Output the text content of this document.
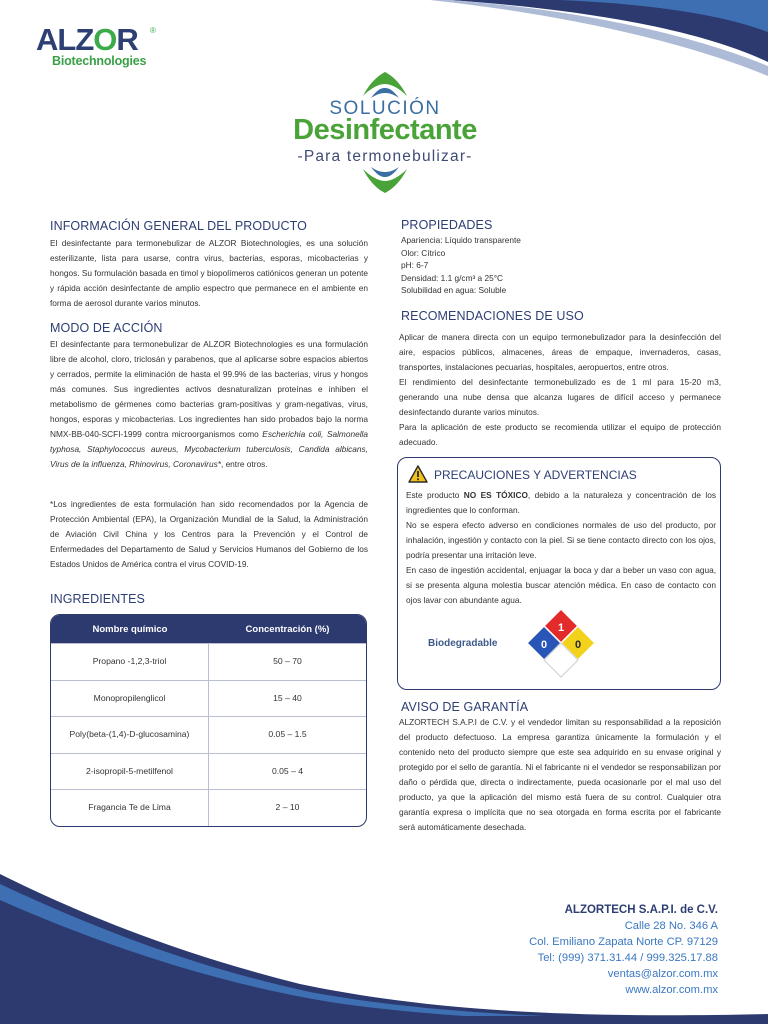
ALZOR ®
Biotechnologies
SOLUCIÓN
Desinfectante
-Para termonebulizar-
INFORMACIÓN GENERAL DEL PRODUCTO
El desinfectante para termonebulizar de ALZOR Biotechnologies, es una solución esterilizante, lista para usarse, contra virus, bacterias, esporas, micobacterias y hongos. Su formulación basada en timol y biopolímeros catiónicos generan un potente y rápida acción desinfectante de amplio espectro que permanece en el ambiente en forma de aerosol durante varios minutos.
MODO DE ACCIÓN
El desinfectante para termonebulizar de ALZOR Biotechnologies es una formulación libre de alcohol, cloro, triclosán y parabenos, que al aplicarse sobre espacios abiertos y cerrados, permite la eliminación de hasta el 99.9% de las bacterias, virus y hongos más comunes. Sus ingredientes activos desnaturalizan proteínas e inhiben el metabolismo de gérmenes como bacterias gram-positivas y gram-negativas, virus, hongos, esporas y micobacterias. Los ingredientes han sido probados bajo la norma NMX-BB-040-SCFI-1999 contra microorganismos como Escherichia coli, Salmonella typhosa, Staphylococcus aureus, Mycobacterium tuberculosis, Candida albicans, Virus de la influenza, Rhinovirus, Coronavirus*, entre otros.
*Los ingredientes de esta formulación han sido recomendados por la Agencia de Protección Ambiental (EPA), la Organización Mundial de la Salud, la Administración de Aviación Civil China y los Centros para la Prevención y el Control de Enfermedades del Departamento de Salud y Servicios Humanos del Gobierno de los Estados Unidos de América contra el virus COVID-19.
INGREDIENTES
Nombre químico	Concentración (%)
Propano -1,2,3-triol	50 – 70
Monopropilenglicol	15 – 40
Poly(beta-(1,4)-D-glucosamina)	0.05 – 1.5
2-isopropil-5-metilfenol	0.05 – 4
Fragancia Te de Lima	2 – 10
PROPIEDADES
Apariencia: Líquido transparente
Olor: Cítrico
pH: 6-7
Densidad: 1.1 g/cm³ a 25°C
Solubilidad en agua: Soluble
RECOMENDACIONES DE USO
Aplicar de manera directa con un equipo termonebulizador para la desinfección del aire, espacios públicos, almacenes, áreas de empaque, invernaderos, casas, transportes, instalaciones pecuarias, hospitales, aeropuertos, entre otros.
El rendimiento del desinfectante termonebulizado es de 1 ml para 15-20 m3, generando una nube densa que alcanza lugares de difícil acceso y permanece desinfectando durante varios minutos.
Para la aplicación de este producto se recomienda utilizar el equipo de protección adecuado.
PRECAUCIONES Y ADVERTENCIAS
Este producto NO ES TÓXICO, debido a la naturaleza y concentración de los ingredientes que lo conforman.
No se espera efecto adverso en condiciones normales de uso del producto, por inhalación, ingestión y contacto con la piel. Si se tiene contacto directo con los ojos, podría presentar una irritación leve.
En caso de ingestión accidental, enjuagar la boca y dar a beber un vaso con agua, si se presenta alguna molestia buscar atención médica. En caso de contacto con ojos lavar con abundante agua.
Biodegradable
1
0	0
AVISO DE GARANTÍA
ALZORTECH S.A.P.I de C.V. y el vendedor limitan su responsabilidad a la reposición del producto defectuoso. La empresa garantiza únicamente la formulación y el contenido neto del producto siempre que este sea adquirido en su envase original y protegido por el sello de garantía. Ni el fabricante ni el vendedor se responsabilizan por daño o pérdida que, directa o indirectamente, pueda ocasionarle por el mal uso del producto, ya que la aplicación del mismo está fuera de su control. Cualquier otra garantía expresa o implícita que no sea otorgada en forma escrita por el fabricante será automáticamente desechada.
ALZORTECH S.A.P.I. de C.V.
Calle 28 No. 346 A
Col. Emiliano Zapata Norte CP. 97129
Tel: (999) 371.31.44 / 999.325.17.88
ventas@alzor.com.mx
www.alzor.com.mx
